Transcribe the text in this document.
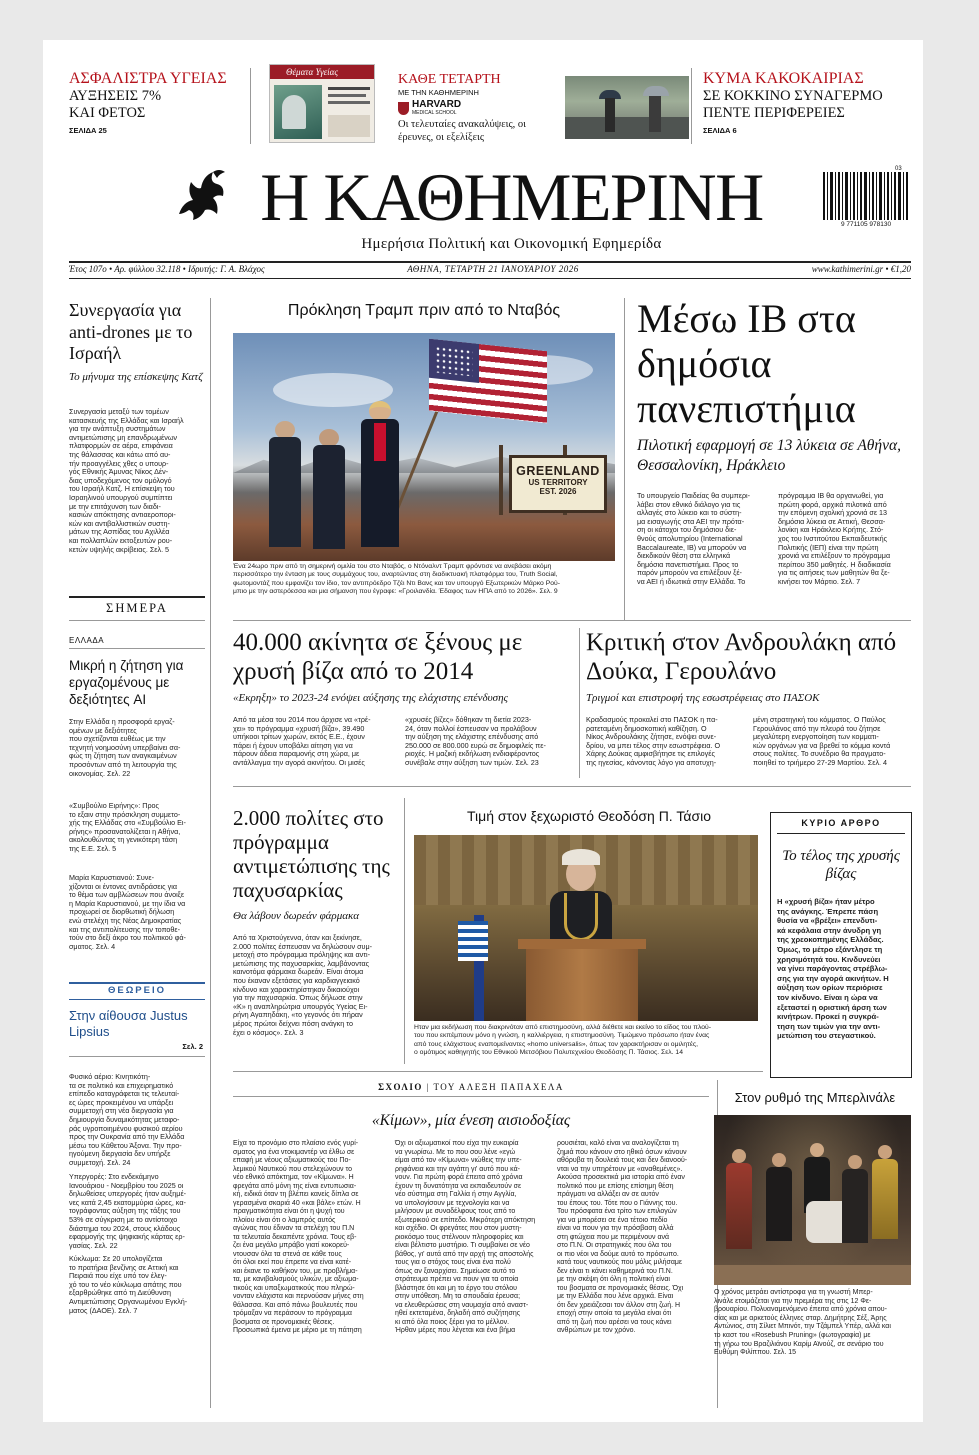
ΑΣΦΑΛΙΣΤΡΑ ΥΓΕΙΑΣ
ΑΥΞΗΣΕΙΣ 7% ΚΑΙ ΦΕΤΟΣ
ΣΕΛΙΔΑ 25
Θέματα Υγείας	ΚΑΘΕ ΤΕΤΑΡΤΗ
ΜΕ ΤΗΝ ΚΑΘΗΜΕΡΙΝΗ
HARVARD
MEDICAL SCHOOL
Οι τελευταίες ανακαλύψεις, οι έρευνες, οι εξελίξεις
ΚΥΜΑ ΚΑΚΟΚΑΙΡΙΑΣ
ΣΕ ΚΟΚΚΙΝΟ ΣΥΝΑΓΕΡΜΟ ΠΕΝΤΕ ΠΕΡΙΦΕΡΕΙΕΣ
ΣΕΛΙΔΑ 6
Η ΚΑΘΗΜΕΡΙΝΗ	9 771105 978130
03
Ημερήσια Πολιτική και Οικονομική Εφημερίδα
Έτος 107ο • Αρ. φύλλου 32.118 • Ιδρυτής: Γ. Α. Βλάχος	ΑΘΗΝΑ, ΤΕΤΑΡΤΗ 21 ΙΑΝΟΥΑΡΙΟΥ 2026	www.kathimerini.gr • €1,20
Συνεργασία για anti-drones με το Ισραήλ
Το μήνυμα της επίσκεψης Κατζ
Συνεργασία μεταξύ των τομέων
κατασκευής της Ελλάδας και Ισραήλ
για την ανάπτυξη συστημάτων
αντιμετώπισης μη επανδρωμένων
πλατφορμών σε αέρα, επιφάνεια
της θάλασσας και κάτω από αυ-
τήν προαγγέλεις χθες ο υπουρ-
γός Εθνικής Άμυνας Νίκος Δέν-
διας υποδεχόμενος τον ομόλογό
του Ισραήλ Κατζ. Η επίσκεψη του
Ισραηλινού υπουργού συμπίπτει
με την επιτάχυνση των διαδι-
κασιών απόκτησης αντιαεροπορι-
κών και αντιβαλλιστικών συστη-
μάτων της Ασπίδας του Αχιλλέα
και πολλαπλών εκτοξευτών ρου-
κετών υψηλής ακρίβειας. Σελ. 5
ΣΗΜΕΡΑ
ΕΛΛΑΔΑ
Μικρή η ζήτηση για εργαζομένους με δεξιότητες AI
Στην Ελλάδα η προσφορά εργαζ-
ομένων με δεξιότητες
που σχετίζονται ευθέως με την
τεχνητή νοημοσύνη υπερβαίνει σα-
φώς τη ζήτηση των αναγκαιμένων
προσόντων από τη λειτουργία της
οικονομίας. Σελ. 22
«Συμβούλιο Ειρήνης»: Προς
το εξαιν στην πρόσκληση συμμετο-
χής της Ελλάδας στο «Συμβούλιο Ει-
ρήνης» προσανατολίζεται η Αθήνα,
ακολουθώντας τη γενικότερη τάση
της Ε.Ε. Σελ. 5
Μαρία Καρυστιανού: Συνε-
χίζονται οι έντονες αντιδράσεις για
το θέμα των αμβλώσεων που άνοιξε
η Μαρία Καρυστιανού, με την ίδια να
προχωρεί σε διορθωτική δήλωση
ενώ στελέχη της Νέας Δημοκρατίας
και της αντιπολίτευσης την τοποθε-
τούν στο δεξί άκρο του πολιτικού φά-
σματος. Σελ. 4
ΘΕΩΡΕΙΟ
Στην αίθουσα Justus Lipsius
Σελ. 2
Φυσικό αέριο: Κινητικότη-
τα σε πολιτικό και επιχειρηματικό
επίπεδο καταγράφεται τις τελευταί-
ες ώρες προκειμένου να υπάρξει
συμμετοχή στη νέα διεργασία για
δημιουργία δυναμικότητας μεταφο-
ράς υγροποιημένου φυσικού αερίου
προς την Ουκρανία από την Ελλάδα
μέσω του Κάθετου Άξονα. Την προ-
ηγούμενη διεργασία δεν υπήρξε
συμμετοχή. Σελ. 24
Υπεργορές: Στο ενδεκάμηνο
Ιανουάριου - Νοεμβρίου του 2025 οι
δηλωθείσες υπεργορές ήταν αυξημέ-
νες κατά 2,45 εκατομμύρια ώρες, κα-
τογράφοντας αύξηση της τάξης του
53% σε σύγκριση με το αντίστοιχο
διάστημα του 2024, στους κλάδους
εφαρμογής της ψηφιακής κάρτας ερ-
γασίας. Σελ. 22
Κύκλωμα: Σε 20 υπολογίζεται
το πρατήρια βενζίνης σε Αττική και
Πειραιά που είχε υπό τον έλεγ-
χό του το νέο κύκλωμα απάτης που
εξαρθρώθηκε από τη Διεύθυνση
Αντιμετώπισης Οργανωμένου Εγκλή-
ματος (ΔΑΟΕ). Σελ. 7
Πρόκληση Τραμπ πριν από το Νταβός
GREENLAND
US TERRITORY
EST. 2026
Ένα 24ωρο πριν από τη σημερινή ομιλία του στο Νταβός, ο Ντόναλντ Τραμπ φρόντισε να ανεβάσει ακόμη
περισσότερο την ένταση με τους συμμάχους του, αναρτώντας στη διαδικτυακή πλατφόρμα του, Truth Social,
φωτομοντάζ που εμφανίζει τον ίδιο, τον αντιπρόεδρο Τζέι Ντι Βανς και τον υπουργό Εξωτερικών Μάρκο Ρού-
μπιο με την αστερόεσσα και μια σήμανση που έγραφε: «Γροιλανδία. Έδαφος των ΗΠΑ από το 2026». Σελ. 9
Μέσω ΙΒ στα δημόσια πανεπιστήμια
Πιλοτική εφαρμογή σε 13 λύκεια σε Αθήνα, Θεσσαλονίκη, Ηράκλειο
Το υπουργείο Παιδείας θα συμπερι-
λάβει στον εθνικό διάλογο για τις
αλλαγές στο λύκειο και το σύστη-
μα εισαγωγής στα ΑΕΙ την πρότα-
ση οι κάτοχοι του δημόσιου διε-
θνούς απολυτηρίου (International
Baccalaureate, IB) να μπορούν να
διεκδικούν θέση στα ελληνικά
δημόσια πανεπιστήμια. Προς το
παρόν μπορούν να επιλέξουν ξέ-
να ΑΕΙ ή ιδιωτικά στην Ελλάδα. Το
πρόγραμμα ΙΒ θα οργανωθεί, για
πρώτη φορά, αρχικά πιλοτικά από
την επόμενη σχολική χρονιά σε 13
δημόσια λύκεια σε Αττική, Θεσσα-
λονίκη και Ηράκλειο Κρήτης. Στό-
χος του Ινστιτούτου Εκπαιδευτικής
Πολιτικής (ΙΕΠ) είναι την πρώτη
χρονιά να επιλέξουν το πρόγραμμα
περίπου 350 μαθητές. Η διαδικασία
για τις αιτήσεις των μαθητών θα ξε-
κινήσει τον Μάρτιο. Σελ. 7
40.000 ακίνητα σε ξένους με χρυσή βίζα από το 2014
«Εκρηξη» το 2023-24 ενόψει αύξησης της ελάχιστης επένδυσης
Από τα μέσα του 2014 που άρχισε να «τρέ-
χει» το πρόγραμμα «χρυσή βίζα», 39.490
υπήκοοι τρίτων χωρών, εκτός Ε.Ε., έχουν
πάρει ή έχουν υποβάλει αίτηση για να
πάρουν άδεια παραμονής στη χώρα, με
αντάλλαγμα την αγορά ακινήτου. Οι μισές
«χρυσές βίζες» δόθηκαν τη διετία 2023-
24, όταν πολλοί έσπευσαν να προλάβουν
την αύξηση της ελάχιστης επένδυσης από
250.000 σε 800.000 ευρώ σε δημοφιλείς πε-
ριοχές. Η μαζική εκδήλωση ενδιαφέροντος
συνέβαλε στην αύξηση των τιμών. Σελ. 23
Κριτική στον Ανδρουλάκη από Δούκα, Γερουλάνο
Τριγμοί και επιστροφή της εσωστρέφειας στο ΠΑΣΟΚ
Κραδασμούς προκαλεί στο ΠΑΣΟΚ η πα-
ρατεταμένη δημοσκοπική καθίζηση. Ο
Νίκος Ανδρουλάκης ζήτησε, ενόψει συνε-
δρίου, να μπει τέλος στην εσωστρέφεια. Ο
Χάρης Δούκας αμφισβήτησε τις επιλογές
της ηγεσίας, κάνοντας λόγο για αποτυχη-
μένη στρατηγική του κόμματος. Ο Παύλος
Γερουλάνος από την πλευρά του ζήτησε
μεγαλύτερη ενεργοποίηση των κομματι-
κών οργάνων για να βρεθεί το κόμμα κοντά
στους πολίτες. Το συνέδριο θα πραγματο-
ποιηθεί το τριήμερο 27-29 Μαρτίου. Σελ. 4
2.000 πολίτες στο πρόγραμμα αντιμετώπισης της παχυσαρκίας
Θα λάβουν δωρεάν φάρμακα
Από τα Χριστούγεννα, όταν και ξεκίνησε,
2.000 πολίτες έσπευσαν να δηλώσουν συμ-
μετοχή στο πρόγραμμα πρόληψης και αντι-
μετώπισης της παχυσαρκίας, λαμβάνοντας
καινοτόμα φάρμακα δωρεάν. Είναι άτομα
που έκαναν εξετάσεις για καρδιαγγειακό
κίνδυνο και χαρακτηρίστηκαν δικαιούχοι
για την παχυσαρκία. Όπως δήλωσε στην
«Κ» η αναπληρώτρια υπουργός Υγείας Ει-
ρήνη Αγαπηδάκη, «το γεγονός ότι πήραν
μέρος πρώτοι δείχνει πόση ανάγκη το
έχει ο κόσμος». Σελ. 3
Τιμή στον ξεχωριστό Θεοδόση Π. Τάσιο
Ηταν μια εκδήλωση που διακρινόταν από επιστημοσύνη, αλλά διέθετε και εκείνο το είδος του πλού-
του που εκπέμπουν μόνο η γνώση, η καλλιέργεια, η επιστημοσύνη. Τιμώμενο πρόσωπο ήταν ένας
από τους ελάχιστους εναπομείναντες «homo universalis», όπως τον χαρακτήρισαν οι ομιλητές,
ο ομότιμος καθηγητής του Εθνικού Μετσόβιου Πολυτεχνείου Θεοδόσης Π. Τάσιος. Σελ. 14
ΚΥΡΙΟ ΑΡΘΡΟ
Το τέλος της χρυσής βίζας
Η «χρυσή βίζα» ήταν μέτρο
της ανάγκης. Έπρεπε πάση
θυσία να «βρέξει» επενδυτι-
κά κεφάλαια στην άνυδρη γη
της χρεοκοπημένης Ελλάδας.
Όμως, το μέτρο εξάντλησε τη
χρησιμότητά του. Κινδυνεύει
να γίνει παράγοντας στρέβλω-
σης για την αγορά ακινήτων. Η
αύξηση των ορίων περιόρισε
τον κίνδυνο. Είναι η ώρα να
εξεταστεί η οριστική άρση των
κινήτρων. Προκεί η συγκρά-
τηση των τιμών για την αντι-
μετώπιση του στεγαστικού.
ΣΧΟΛΙΟ | ΤΟΥ ΑΛΕΞΗ ΠΑΠΑΧΕΛΑ
«Κίμων», μία ένεση αισιοδοξίας
Είχα το προνόμιο στο πλαίσιο ενός γυρί-
σματος για ένα ντοκιμαντέρ να έλθω σε
επαφή με νέους αξιωματικούς του Πο-
λεμικού Ναυτικού που στελεχώνουν το
νέο εθνικό απόκτημα, τον «Κίμωνα». Η
φρεγάτα από μόνη της είναι εντυπωσια-
κή, ειδικά όταν τη βλέπει κανείς δίπλα σε
γερασμένα σκαριά 40 «και βάλε» ετών. Η
πραγματικότητα είναι ότι η ψυχή του
πλοίου είναι ότι ο λαμπρός αυτός
αγώνας που έδιναν τα στελέχη του Π.Ν
τα τελευταία δεκαπέντε χρόνια. Τους εβ-
ζει ένα μεγάλο μπράβο γιατί κοκορεύ-
ντουσαν όλα τα στενά σε κάθε τους
ότι όλοι εκεί που έπρεπε να είναι κατέ-
και έκανε το καθήκον του, με προβλήμα-
τα, με κανιβαλισμούς υλικών, με αξιωμα-
τικούς και υπαξιωματικούς που πληρώ-
νονταν ελάχιστα και περνούσαν μήνες στη
θάλασσα. Και από πάνω βουλευτές που
τρόμαξαν να περάσουν το πρόγραμμα
βοσματα σε προνομιακές θέσεις.
Προσωπικά έμεινα με μέριο με τη πάτηση
Όχι οι αξιωματικοί που είχα την ευκαιρία
να γνωρίσω. Με το που σου λένε «εγώ
είμαι από τον «Κίμωνα» νιώθεις την υπε-
ρηφάνεια και την αγάπη γι' αυτό που κά-
νουν. Για πρώτη φορά έπειτα από χρόνια
έχουν τη δυνατότητα να εκπαιδευτούν σε
νέο σύστημα στη Γαλλία ή στην Αγγλία,
να υπολογίσουν με τεχνολογία και να
μιλήσουν με συναδέλφους τους από το
εξωτερικού σε επίπεδο. Μικρότερη απόκτηση
και σχέδιο. Οι φρεγάτες που στον μυστη-
ριοκόσμο τους στέλνουν πληροφορίες και
είναι βέλτιστο μυστήριο. Τι συμβαίνει σε νέο
βάθος, γι' αυτά από την αρχή της αποστολής
τους για ο στόχος τους είναι ένα πολύ
όπως αν ξαναρχίσει. Σημείωσε αυτό το
στράτευμα πρέπει να πουν για τα οποία
βλάστησε ότι και μη το έργο του στόλου
στην υπόθεση. Μη τα σπουδαία έρευσα;
να ελευθερώσεις στη ναυμαχία από αναστ-
ηθεί εκτεταμένα, δηλαδή από συζήτησης
κι από όλα ποιος ξέρει για το μέλλον.
Ήρθαν μέρες που λέγεται και ένα βήμα
ρουσιέται, καλό είναι να αναλογίζεται τη
ζημιά που κάνουν στο ηθικό όσων κάνουν
αθόρυβα τη δουλειά τους και δεν διανοού-
νται να την υπηρέτουν με «αναθεμένες».
Ακούσα προσεκτικά μια ιστορία από έναν
πολιτικό που με επίσης επίσημη θέση
πράγματι να αλλάξει αν σε αυτόν
του έπους του. Τότε που ο Γιάννης του.
Του πρόσφατα ένα τρίτο των επιλογών
για να μπορέσει σε ένα τέτοιο πεδίο
είναι να πουν για την πρόσβαση αλλά
στη φτώχεια που με περιμένουν ανά
στο Π.Ν. Οι στρατηγικές που όλα του
οι πιο νέοι να δούμε αυτό το πρόσωπο.
κατά τους ναυτικούς που μόλις μιλήσαμε
δεν είναι τι κάνει καθημερινά του Π.Ν.
με την σκέψη ότι όλη η πολιτική είναι
του βοσματα σε προνομιακές θέσεις. Όχι
με την Ελλάδα που λένε αρχικά. Είναι
ότι δεν χρειάζεσαι τον άλλον στη ζωή. Η
εποχή στην οποία τα μεγάλα είναι ότι
από τη ζωή που αρέσει να τους κάνει
ανθρώπων με τον χρόνο.
Στον ρυθμό της Μπερλινάλε
Ο χρόνος μετράει αντίστροφα για τη γνωστή Μπερ-
λινάλε ετοιμάζεται για την πρεμιέρα της στις 12 Φε-
βρουαρίου. Πολυαναμενόμενο έπειτα από χρόνια απου-
σίας και με αρκετούς έλληνες σταρ. Δημήτρης Σέξ, Άρης
Αντώνιος, στη Σίλιετ Μπινότ, την Τζάμπελ Υπέρ, αλλά και
το καστ του «Rosebush Pruning» (φωτογραφία) με
τη γήρω του Βραζιλιάνου Καρίμ Αϊνούζ, σε σενάριο του
Ευθύμη Φιλίππου. Σελ. 15
